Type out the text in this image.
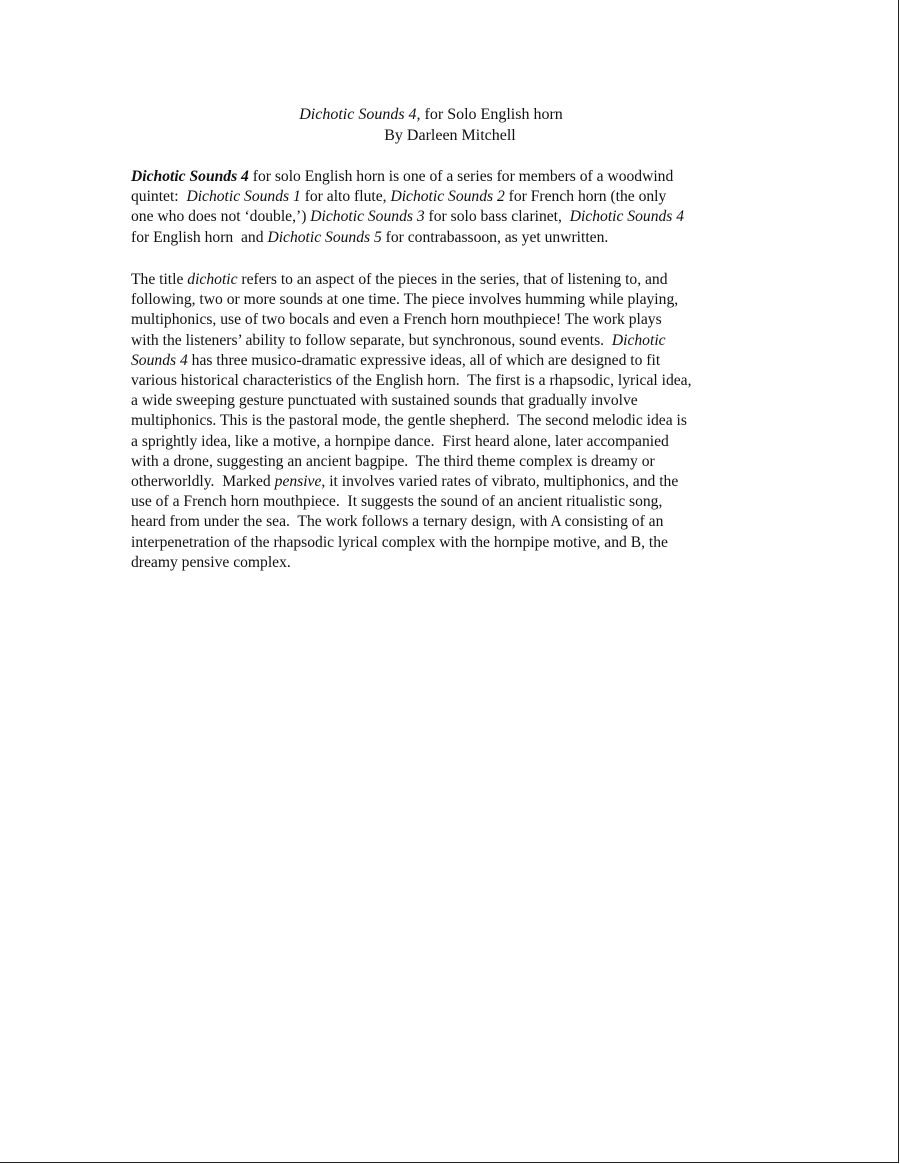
Dichotic Sounds 4, for Solo English horn
By Darleen Mitchell
Dichotic Sounds 4 for solo English horn is one of a series for members of a woodwind
quintet:  Dichotic Sounds 1 for alto flute, Dichotic Sounds 2 for French horn (the only
one who does not ‘double,’) Dichotic Sounds 3 for solo bass clarinet,  Dichotic Sounds 4
for English horn  and Dichotic Sounds 5 for contrabassoon, as yet unwritten.
The title dichotic refers to an aspect of the pieces in the series, that of listening to, and
following, two or more sounds at one time. The piece involves humming while playing,
multiphonics, use of two bocals and even a French horn mouthpiece! The work plays
with the listeners’ ability to follow separate, but synchronous, sound events.  Dichotic
Sounds 4 has three musico-dramatic expressive ideas, all of which are designed to fit
various historical characteristics of the English horn.  The first is a rhapsodic, lyrical idea,
a wide sweeping gesture punctuated with sustained sounds that gradually involve
multiphonics. This is the pastoral mode, the gentle shepherd.  The second melodic idea is
a sprightly idea, like a motive, a hornpipe dance.  First heard alone, later accompanied
with a drone, suggesting an ancient bagpipe.  The third theme complex is dreamy or
otherworldly.  Marked pensive, it involves varied rates of vibrato, multiphonics, and the
use of a French horn mouthpiece.  It suggests the sound of an ancient ritualistic song,
heard from under the sea.  The work follows a ternary design, with A consisting of an
interpenetration of the rhapsodic lyrical complex with the hornpipe motive, and B, the
dreamy pensive complex.
